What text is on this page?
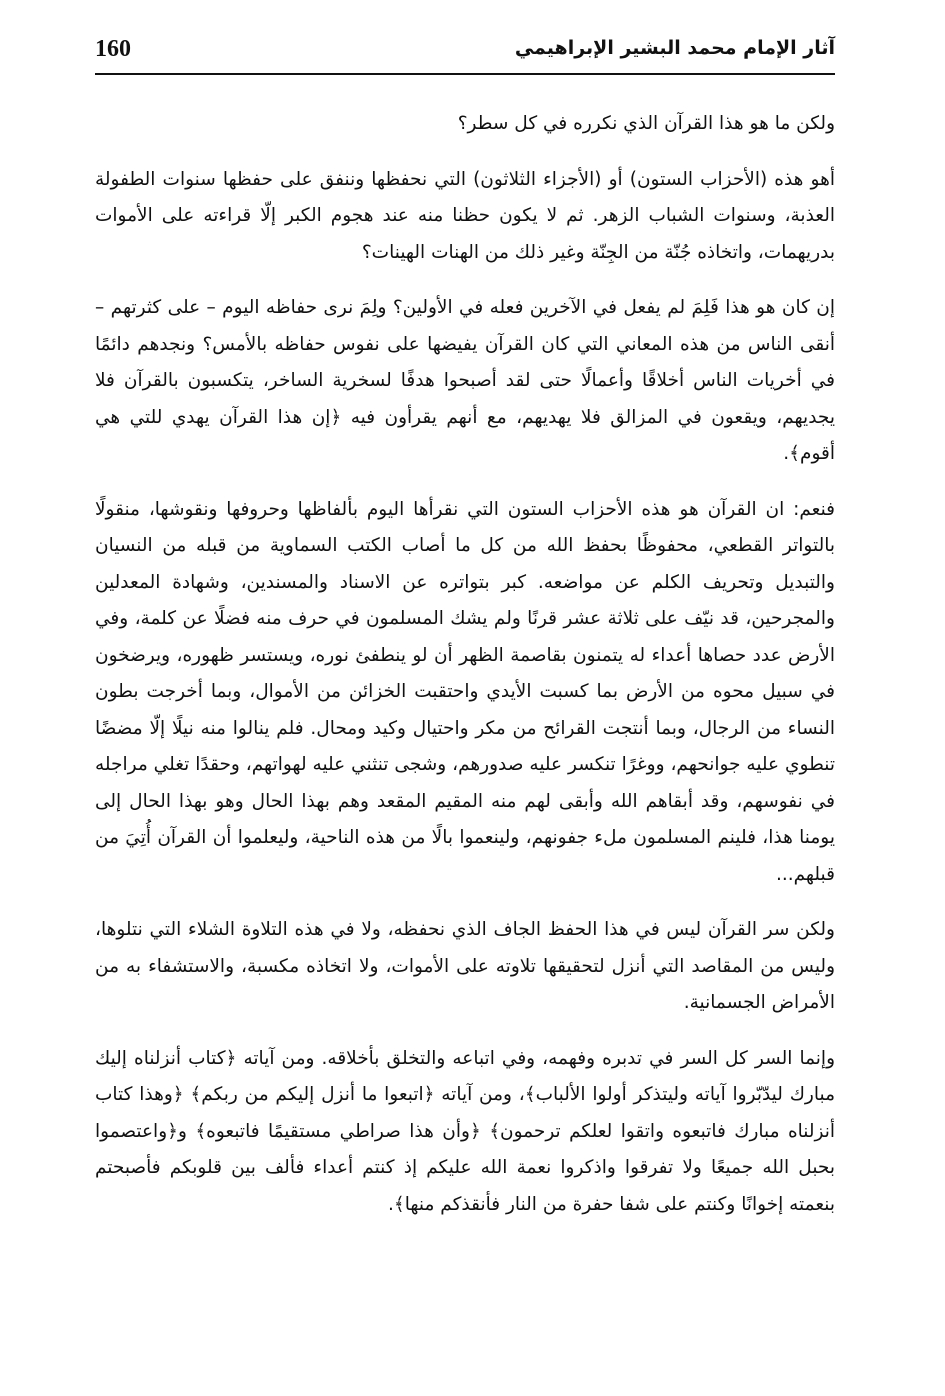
160	آثار الإمام محمد البشير الإبراهيمي

ولكن ما هو هذا القرآن الذي نكرره في كل سطر؟

أهو هذه (الأحزاب الستون) أو (الأجزاء الثلاثون) التي نحفظها وننفق على حفظها سنوات الطفولة العذبة، وسنوات الشباب الزهر. ثم لا يكون حظنا منه عند هجوم الكبر إلّا قراءته على الأموات بدريهمات، واتخاذه جُنّة من الجِنّة وغير ذلك من الهنات الهينات؟

إن كان هو هذا فَلِمَ لم يفعل في الآخرين فعله في الأولين؟ ولِمَ نرى حفاظه اليوم – على كثرتهم – أنقى الناس من هذه المعاني التي كان القرآن يفيضها على نفوس حفاظه بالأمس؟ ونجدهم دائمًا في أخريات الناس أخلاقًا وأعمالًا حتى لقد أصبحوا هدفًا لسخرية الساخر، يتكسبون بالقرآن فلا يجديهم، ويقعون في المزالق فلا يهديهم، مع أنهم يقرأون فيه ﴿إن هذا القرآن يهدي للتي هي أقوم﴾.

فنعم: ان القرآن هو هذه الأحزاب الستون التي نقرأها اليوم بألفاظها وحروفها ونقوشها، منقولًا بالتواتر القطعي، محفوظًا بحفظ الله من كل ما أصاب الكتب السماوية من قبله من النسيان والتبديل وتحريف الكلم عن مواضعه. كبر بتواتره عن الاسناد والمسندين، وشهادة المعدلين والمجرحين، قد نيّف على ثلاثة عشر قرنًا ولم يشك المسلمون في حرف منه فضلًا عن كلمة، وفي الأرض عدد حصاها أعداء له يتمنون بقاصمة الظهر أن لو ينطفئ نوره، ويستسر ظهوره، ويرضخون في سبيل محوه من الأرض بما كسبت الأيدي واحتقبت الخزائن من الأموال، وبما أخرجت بطون النساء من الرجال، وبما أنتجت القرائح من مكر واحتيال وكيد ومحال. فلم ينالوا منه نيلًا إلّا مضضًا تنطوي عليه جوانحهم، ووغرًا تنكسر عليه صدورهم، وشجى تنثني عليه لهواتهم، وحقدًا تغلي مراجله في نفوسهم، وقد أبقاهم الله وأبقى لهم منه المقيم المقعد وهم بهذا الحال وهو بهذا الحال إلى يومنا هذا، فلينم المسلمون ملء جفونهم، ولينعموا بالًا من هذه الناحية، وليعلموا أن القرآن أُتِيَ من قبلهم...

ولكن سر القرآن ليس في هذا الحفظ الجاف الذي نحفظه، ولا في هذه التلاوة الشلاء التي نتلوها، وليس من المقاصد التي أنزل لتحقيقها تلاوته على الأموات، ولا اتخاذه مكسبة، والاستشفاء به من الأمراض الجسمانية.

وإنما السر كل السر في تدبره وفهمه، وفي اتباعه والتخلق بأخلاقه. ومن آياته ﴿كتاب أنزلناه إليك مبارك ليدّبّروا آياته وليتذكر أولوا الألباب﴾، ومن آياته ﴿اتبعوا ما أنزل إليكم من ربكم﴾ ﴿وهذا كتاب أنزلناه مبارك فاتبعوه واتقوا لعلكم ترحمون﴾ ﴿وأن هذا صراطي مستقيمًا فاتبعوه﴾ و﴿واعتصموا بحبل الله جميعًا ولا تفرقوا واذكروا نعمة الله عليكم إذ كنتم أعداء فألف بين قلوبكم فأصبحتم بنعمته إخوانًا وكنتم على شفا حفرة من النار فأنقذكم منها﴾.
